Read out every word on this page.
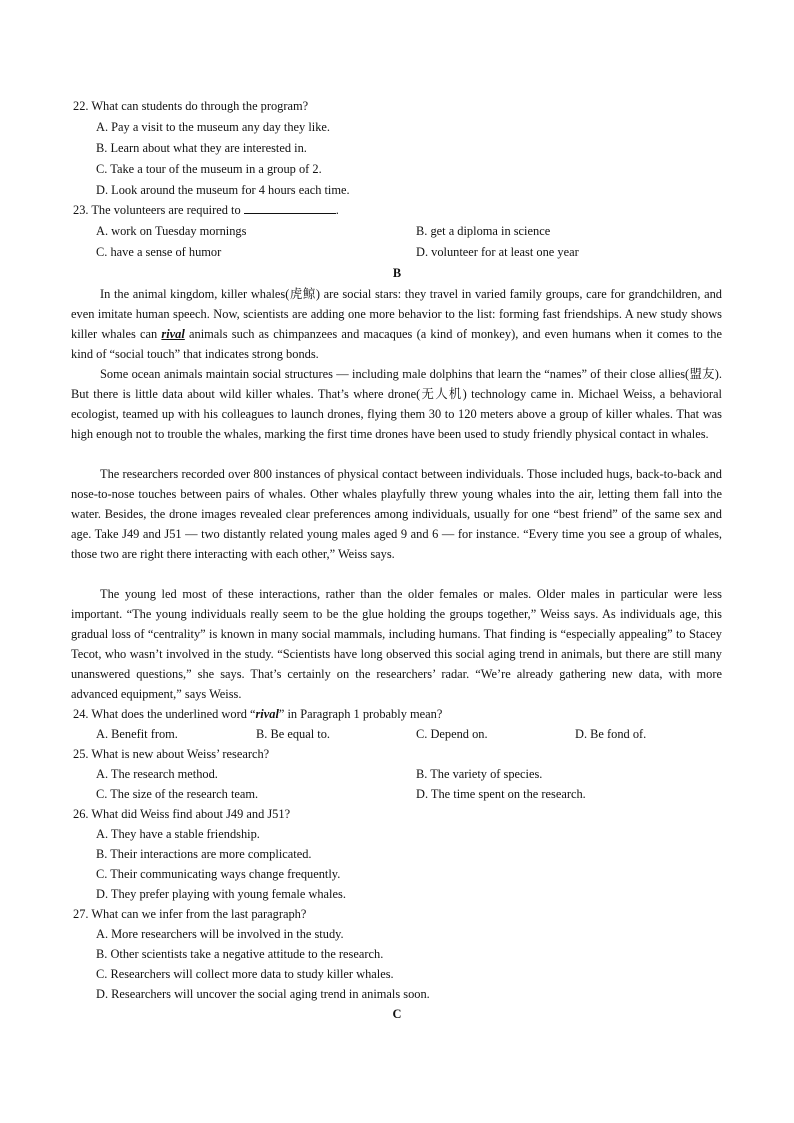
22. What can students do through the program?
A. Pay a visit to the museum any day they like.
B. Learn about what they are interested in.
C. Take a tour of the museum in a group of 2.
D. Look around the museum for 4 hours each time.
23. The volunteers are required to	.
A. work on Tuesday mornings	B. get a diploma in science
C. have a sense of humor	D. volunteer for at least one year
B

In the animal kingdom, killer whales(虎鲸) are social stars: they travel in varied family groups, care for grandchildren, and even imitate human speech. Now, scientists are adding one more behavior to the list: forming fast friendships. A new study shows killer whales can rival animals such as chimpanzees and macaques (a kind of monkey), and even humans when it comes to the kind of “social touch” that indicates strong bonds.

Some ocean animals maintain social structures — including male dolphins that learn the “names” of their close allies(盟友). But there is little data about wild killer whales. That’s where drone(无人机) technology came in. Michael Weiss, a behavioral ecologist, teamed up with his colleagues to launch drones, flying them 30 to 120 meters above a group of killer whales. That was high enough not to trouble the whales, marking the first time drones have been used to study friendly physical contact in whales.

The researchers recorded over 800 instances of physical contact between individuals. Those included hugs, back-to-back and nose-to-nose touches between pairs of whales. Other whales playfully threw young whales into the air, letting them fall into the water. Besides, the drone images revealed clear preferences among individuals, usually for one “best friend” of the same sex and age. Take J49 and J51 — two distantly related young males aged 9 and 6 — for instance. “Every time you see a group of whales, those two are right there interacting with each other,” Weiss says.

The young led most of these interactions, rather than the older females or males. Older males in particular were less important. “The young individuals really seem to be the glue holding the groups together,” Weiss says. As individuals age, this gradual loss of “centrality” is known in many social mammals, including humans. That finding is “especially appealing” to Stacey Tecot, who wasn’t involved in the study. “Scientists have long observed this social aging trend in animals, but there are still many unanswered questions,” she says. That’s certainly on the researchers’ radar. “We’re already gathering new data, with more advanced equipment,” says Weiss.

24. What does the underlined word “rival” in Paragraph 1 probably mean?
A. Benefit from.	B. Be equal to.	C. Depend on.	D. Be fond of.
25. What is new about Weiss’ research?
A. The research method.	B. The variety of species.
C. The size of the research team.	D. The time spent on the research.
26. What did Weiss find about J49 and J51?
A. They have a stable friendship.
B. Their interactions are more complicated.
C. Their communicating ways change frequently.
D. They prefer playing with young female whales.
27. What can we infer from the last paragraph?
A. More researchers will be involved in the study.
B. Other scientists take a negative attitude to the research.
C. Researchers will collect more data to study killer whales.
D. Researchers will uncover the social aging trend in animals soon.
C
